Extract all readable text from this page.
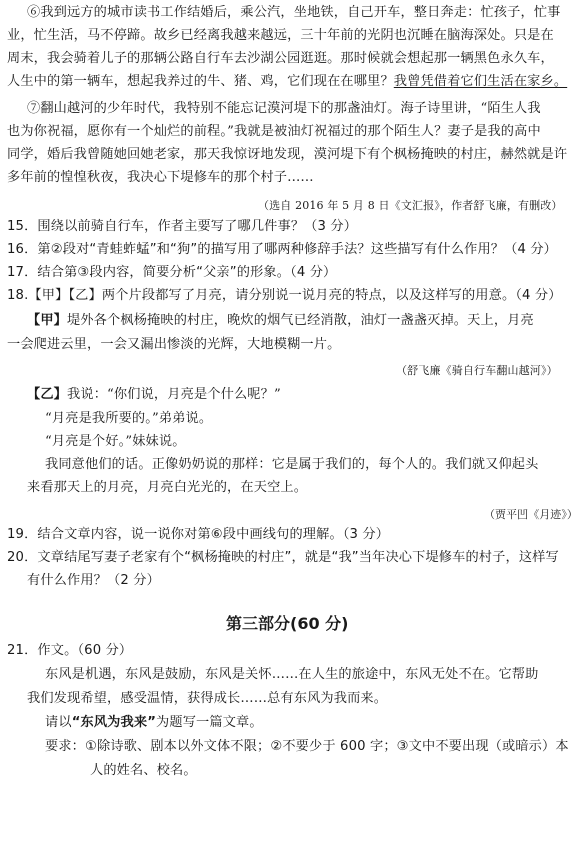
⑥我到远方的城市读书工作结婚后，乘公汽，坐地铁，自己开车，整日奔走：忙孩子，忙事
业，忙生活，马不停蹄。故乡已经离我越来越远，三十年前的光阴也沉睡在脑海深处。只是在
周末，我会骑着儿子的那辆公路自行车去沙湖公园逛逛。那时候就会想起那一辆黑色永久车，
人生中的第一辆车，想起我养过的牛、猪、鸡，它们现在在哪里？我曾凭借着它们生活在家乡。
⑦翻山越河的少年时代，我特别不能忘记漠河堤下的那盏油灯。海子诗里讲，“陌生人我
也为你祝福，愿你有一个灿烂的前程。”我就是被油灯祝福过的那个陌生人？妻子是我的高中
同学，婚后我曾随她回她老家，那天我惊讶地发现，漠河堤下有个枫杨掩映的村庄，赫然就是许
多年前的惶惶秋夜，我决心下堤修车的那个村子……
（选自 2016 年 5 月 8 日《文汇报》，作者舒飞廉，有删改）
15．围绕以前骑自行车，作者主要写了哪几件事？（3 分）
16．第②段对“青蛙蚱蜢”和“狗”的描写用了哪两种修辞手法？这些描写有什么作用？（4 分）
17．结合第③段内容，简要分析“父亲”的形象。（4 分）
18.【甲】【乙】两个片段都写了月亮，请分别说一说月亮的特点，以及这样写的用意。（4 分）
【甲】堤外各个枫杨掩映的村庄，晚炊的烟气已经消散，油灯一盏盏灭掉。天上，月亮
一会爬进云里，一会又漏出惨淡的光辉，大地模糊一片。
（舒飞廉《骑自行车翻山越河》）
【乙】我说：“你们说，月亮是个什么呢？”
“月亮是我所要的。”弟弟说。
“月亮是个好。”妹妹说。
我同意他们的话。正像奶奶说的那样：它是属于我们的，每个人的。我们就又仰起头
来看那天上的月亮，月亮白光光的，在天空上。
（贾平凹《月迹》）
19．结合文章内容，说一说你对第⑥段中画线句的理解。（3 分）
20．文章结尾写妻子老家有个“枫杨掩映的村庄”，就是“我”当年决心下堤修车的村子，这样写
有什么作用？（2 分）
第三部分(60 分)
21．作文。（60 分）
东风是机遇，东风是鼓励，东风是关怀……在人生的旅途中，东风无处不在。它帮助
我们发现希望，感受温情，获得成长……总有东风为我而来。
请以“东风为我来”为题写一篇文章。
要求：①除诗歌、剧本以外文体不限；②不要少于 600 字；③文中不要出现（或暗示）本
人的姓名、校名。
